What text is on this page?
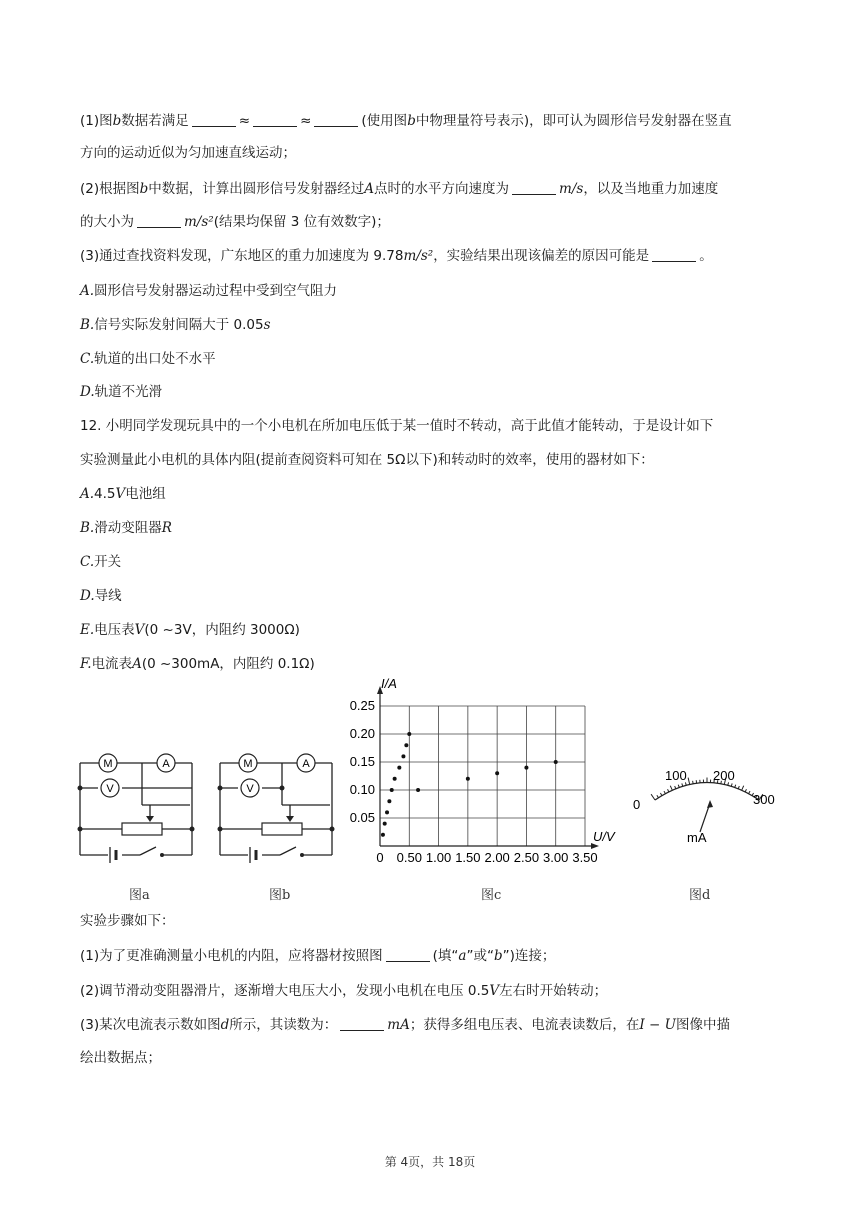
(1)图b数据若满足	≈	≈	(使用图b中物理量符号表示)，即可认为圆形信号发射器在竖直
方向的运动近似为匀加速直线运动；
(2)根据图b中数据，计算出圆形信号发射器经过A点时的水平方向速度为	m/s，以及当地重力加速度
的大小为	m/s²(结果均保留 3 位有效数字)；
(3)通过查找资料发现，广东地区的重力加速度为 9.78m/s²，实验结果出现该偏差的原因可能是	。
A.圆形信号发射器运动过程中受到空气阻力
B.信号实际发射间隔大于 0.05s
C.轨道的出口处不水平
D.轨道不光滑
12. 小明同学发现玩具中的一个小电机在所加电压低于某一值时不转动，高于此值才能转动，于是设计如下
实验测量此小电机的具体内阻(提前查阅资料可知在 5Ω以下)和转动时的效率，使用的器材如下：
A.4.5V电池组
B.滑动变阻器R
C.开关
D.导线
E.电压表V(0 ~3V，内阻约 3000Ω)
F.电流表A(0 ~300mA，内阻约 0.1Ω)
M	A
V
M	A
V
0.05
0.10
0.15
0.20
0.25
0 0.50 1.00 1.50 2.00 2.50 3.00 3.50
I/A
U/V
0
100 200
300
mA
图a	图b	图c	图d
实验步骤如下：
(1)为了更准确测量小电机的内阻，应将器材按照图	(填“a”或“b”)连接；
(2)调节滑动变阻器滑片，逐渐增大电压大小，发现小电机在电压 0.5V左右时开始转动；
(3)某次电流表示数如图d所示，其读数为：	mA；获得多组电压表、电流表读数后，在I − U图像中描
绘出数据点；
第 4页，共 18页
